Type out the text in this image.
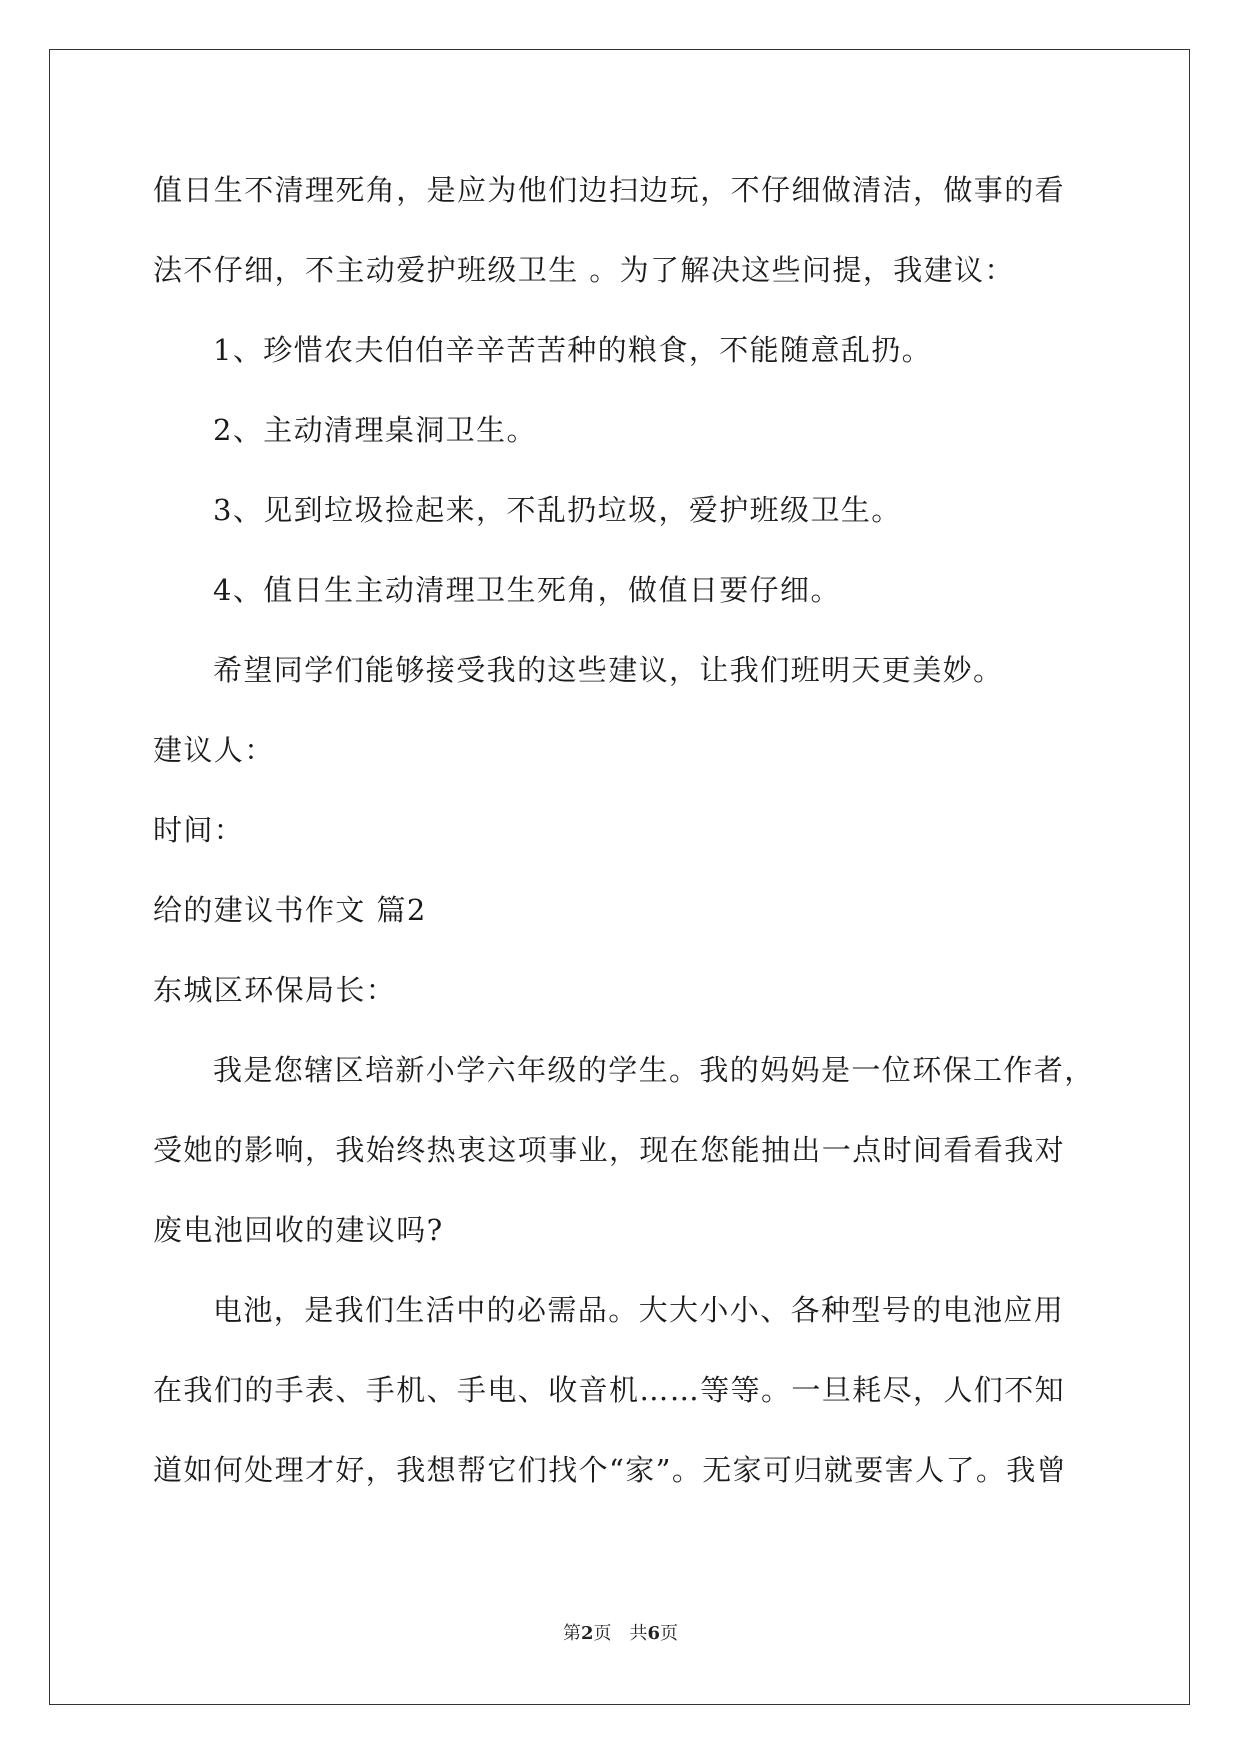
值日生不清理死角，是应为他们边扫边玩，不仔细做清洁，做事的看
法不仔细，不主动爱护班级卫生 。为了解决这些问提，我建议：
1、珍惜农夫伯伯辛辛苦苦种的粮食，不能随意乱扔。
2、主动清理桌洞卫生。
3、见到垃圾捡起来，不乱扔垃圾，爱护班级卫生。
4、值日生主动清理卫生死角，做值日要仔细。
希望同学们能够接受我的这些建议，让我们班明天更美妙。
建议人：
时间：
给的建议书作文 篇2
东城区环保局长：
我是您辖区培新小学六年级的学生。我的妈妈是一位环保工作者，
受她的影响，我始终热衷这项事业，现在您能抽出一点时间看看我对
废电池回收的建议吗?
电池，是我们生活中的必需品。大大小小、各种型号的电池应用
在我们的手表、手机、手电、收音机……等等。一旦耗尽，人们不知
道如何处理才好，我想帮它们找个“家”。无家可归就要害人了。我曾
第2页　共6页
